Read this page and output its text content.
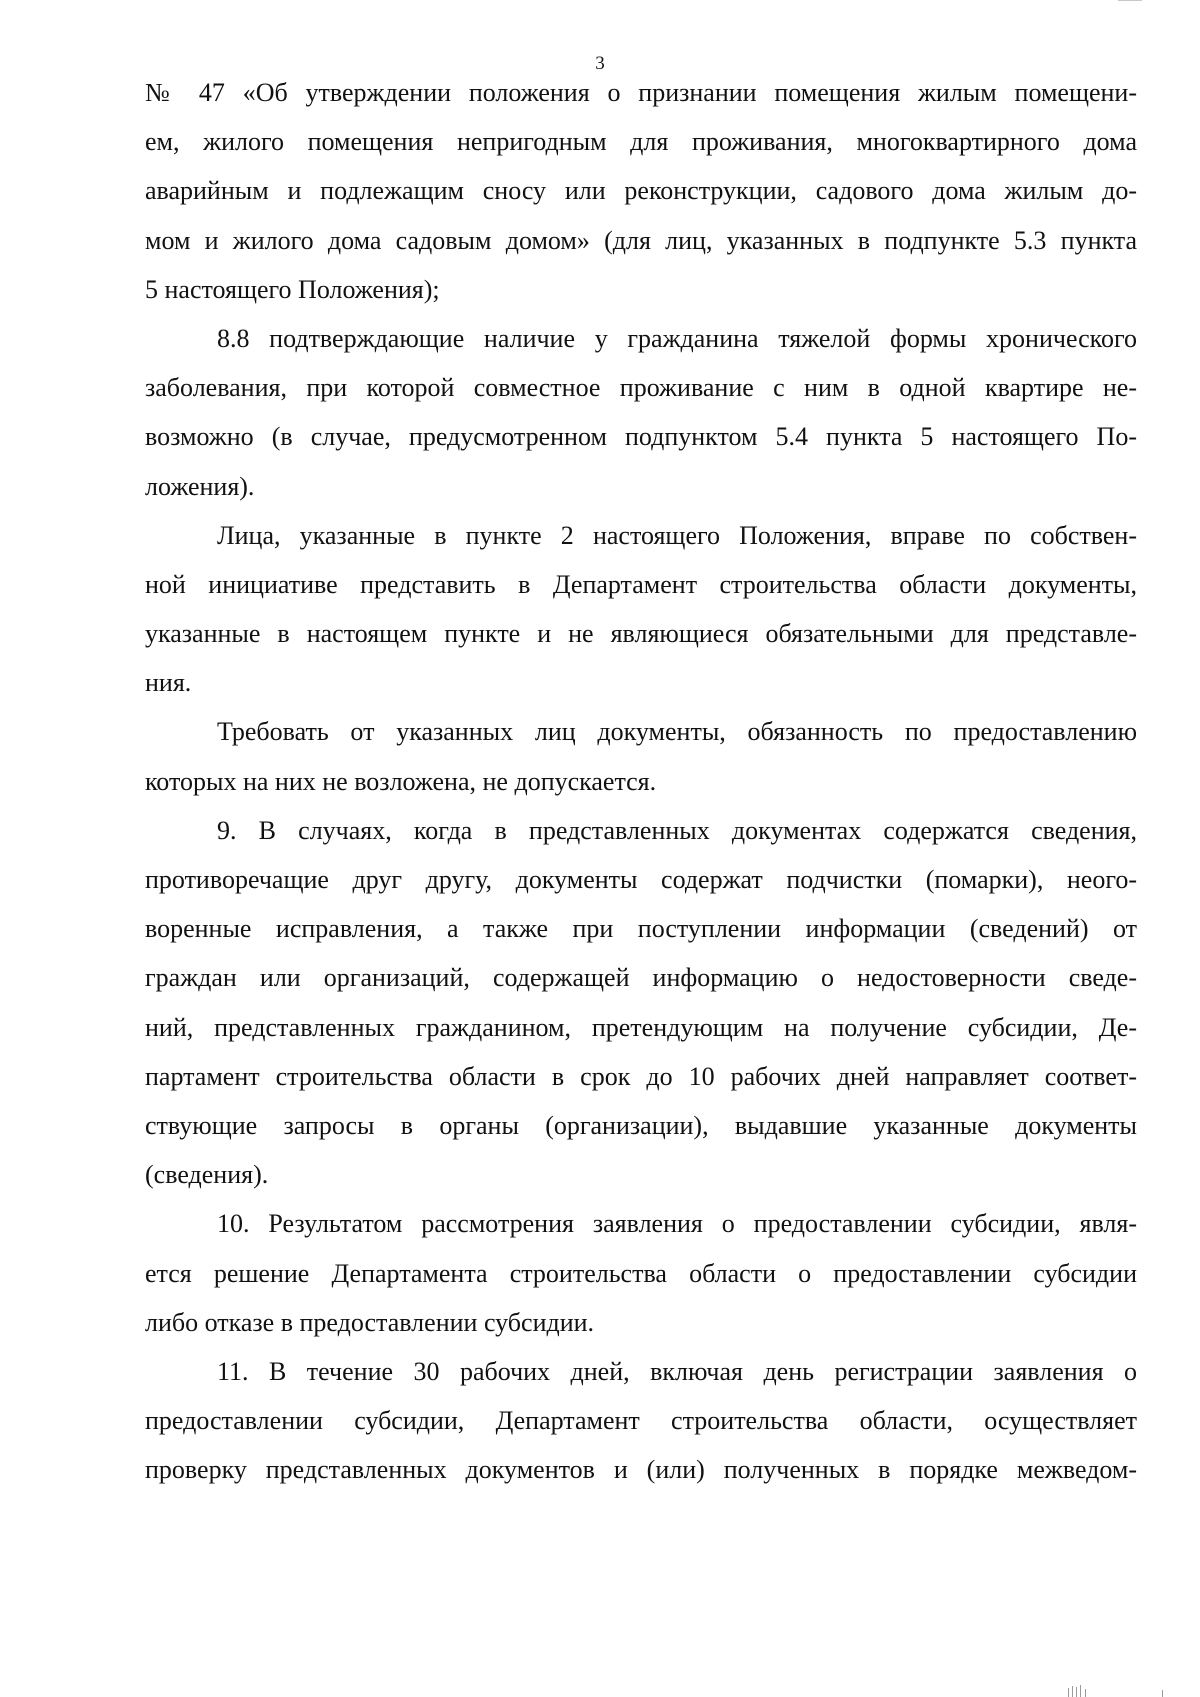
3
№ 47 «Об утверждении положения о признании помещения жилым помещени-
ем, жилого помещения непригодным для проживания, многоквартирного дома
аварийным и подлежащим сносу или реконструкции, садового дома жилым до-
мом и жилого дома садовым домом» (для лиц, указанных в подпункте 5.3 пункта
5 настоящего Положения);
8.8 подтверждающие наличие у гражданина тяжелой формы хронического
заболевания, при которой совместное проживание с ним в одной квартире не-
возможно (в случае, предусмотренном подпунктом 5.4 пункта 5 настоящего По-
ложения).
Лица, указанные в пункте 2 настоящего Положения, вправе по собствен-
ной инициативе представить в Департамент строительства области документы,
указанные в настоящем пункте и не являющиеся обязательными для представле-
ния.
Требовать от указанных лиц документы, обязанность по предоставлению
которых на них не возложена, не допускается.
9. В случаях, когда в представленных документах содержатся сведения,
противоречащие друг другу, документы содержат подчистки (помарки), неого-
воренные исправления, а также при поступлении информации (сведений) от
граждан или организаций, содержащей информацию о недостоверности сведе-
ний, представленных гражданином, претендующим на получение субсидии, Де-
партамент строительства области в срок до 10 рабочих дней направляет соответ-
ствующие запросы в органы (организации), выдавшие указанные документы
(сведения).
10. Результатом рассмотрения заявления о предоставлении субсидии, явля-
ется решение Департамента строительства области о предоставлении субсидии
либо отказе в предоставлении субсидии.
11. В течение 30 рабочих дней, включая день регистрации заявления о
предоставлении субсидии, Департамент строительства области, осуществляет
проверку представленных документов и (или) полученных в порядке межведом-
